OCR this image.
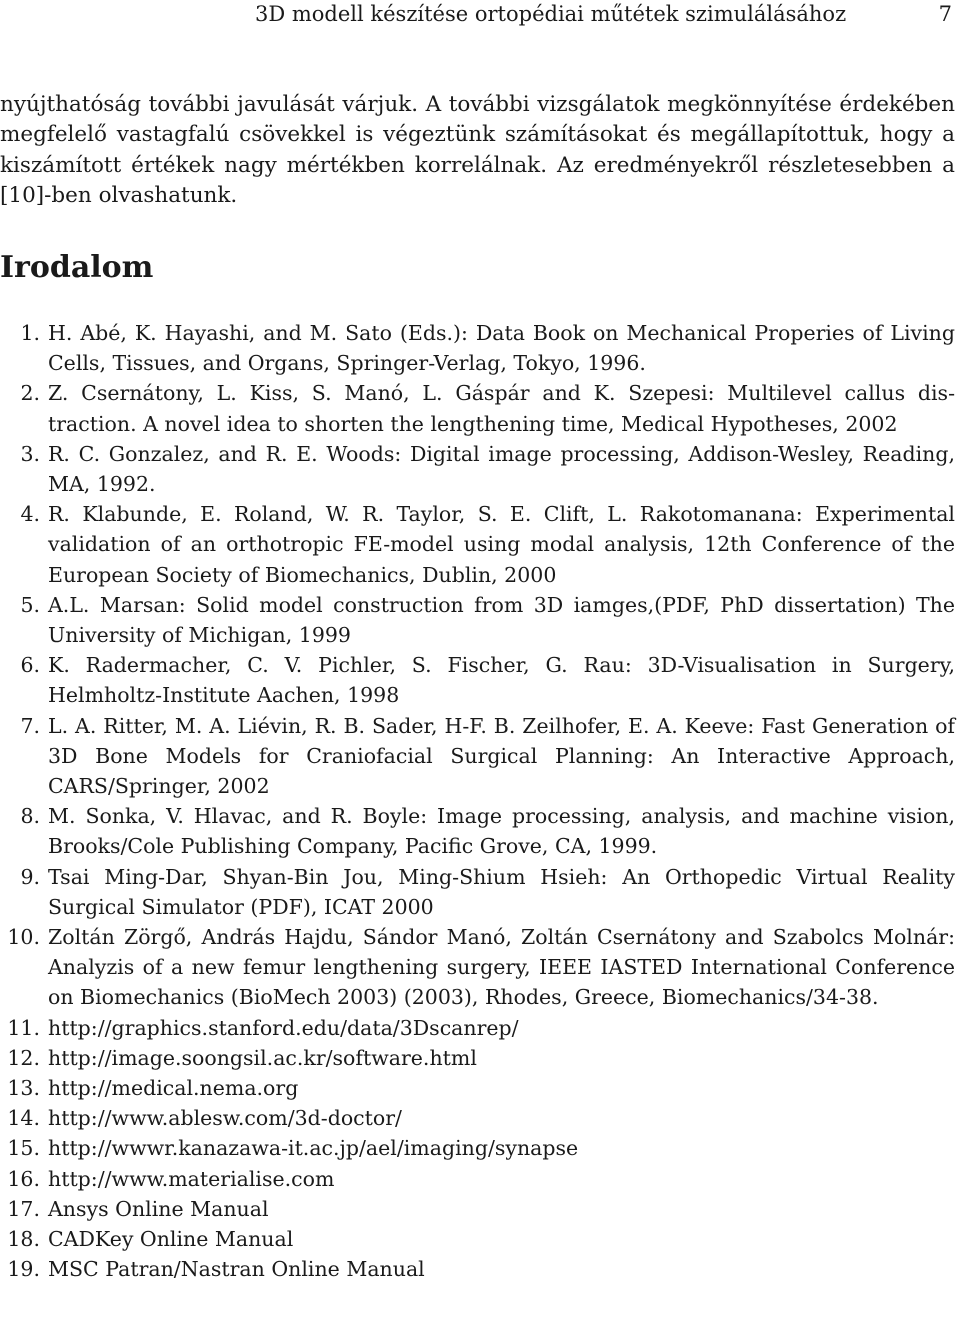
3D modell készítése ortopédiai műtétek szimulálásához	7

nyújthatóság további javulását várjuk. A további vizsgálatok megkönnyítése érdekében megfelelő vastagfalú csövekkel is végeztünk számításokat és megállapítottuk, hogy a kiszámított értékek nagy mértékben korrelálnak. Az eredményekről részletesebben a [10]-ben olvashatunk.

Irodalom
1. H. Abé, K. Hayashi, and M. Sato (Eds.): Data Book on Mechanical Properies of Living Cells, Tissues, and Organs, Springer-Verlag, Tokyo, 1996.
2. Z. Csernátony, L. Kiss, S. Manó, L. Gáspár and K. Szepesi: Multilevel callus distraction. A novel idea to shorten the lengthening time, Medical Hypotheses, 2002
3. R. C. Gonzalez, and R. E. Woods: Digital image processing, Addison-Wesley, Reading, MA, 1992.
4. R. Klabunde, E. Roland, W. R. Taylor, S. E. Clift, L. Rakotomanana: Experimental validation of an orthotropic FE-model using modal analysis, 12th Conference of the European Society of Biomechanics, Dublin, 2000
5. A.L. Marsan: Solid model construction from 3D iamges,(PDF, PhD dissertation) The University of Michigan, 1999
6. K. Radermacher, C. V. Pichler, S. Fischer, G. Rau: 3D-Visualisation in Surgery, Helmholtz-Institute Aachen, 1998
7. L. A. Ritter, M. A. Liévin, R. B. Sader, H-F. B. Zeilhofer, E. A. Keeve: Fast Generation of 3D Bone Models for Craniofacial Surgical Planning: An Interactive Approach, CARS/Springer, 2002
8. M. Sonka, V. Hlavac, and R. Boyle: Image processing, analysis, and machine vision, Brooks/Cole Publishing Company, Pacific Grove, CA, 1999.
9. Tsai Ming-Dar, Shyan-Bin Jou, Ming-Shium Hsieh: An Orthopedic Virtual Reality Surgical Simulator (PDF), ICAT 2000
10. Zoltán Zörgő, András Hajdu, Sándor Manó, Zoltán Csernátony and Szabolcs Molnár: Analyzis of a new femur lengthening surgery, IEEE IASTED International Conference on Biomechanics (BioMech 2003) (2003), Rhodes, Greece, Biomechanics/34-38.
11. http://graphics.stanford.edu/data/3Dscanrep/
12. http://image.soongsil.ac.kr/software.html
13. http://medical.nema.org
14. http://www.ablesw.com/3d-doctor/
15. http://wwwr.kanazawa-it.ac.jp/ael/imaging/synapse
16. http://www.materialise.com
17. Ansys Online Manual
18. CADKey Online Manual
19. MSC Patran/Nastran Online Manual
